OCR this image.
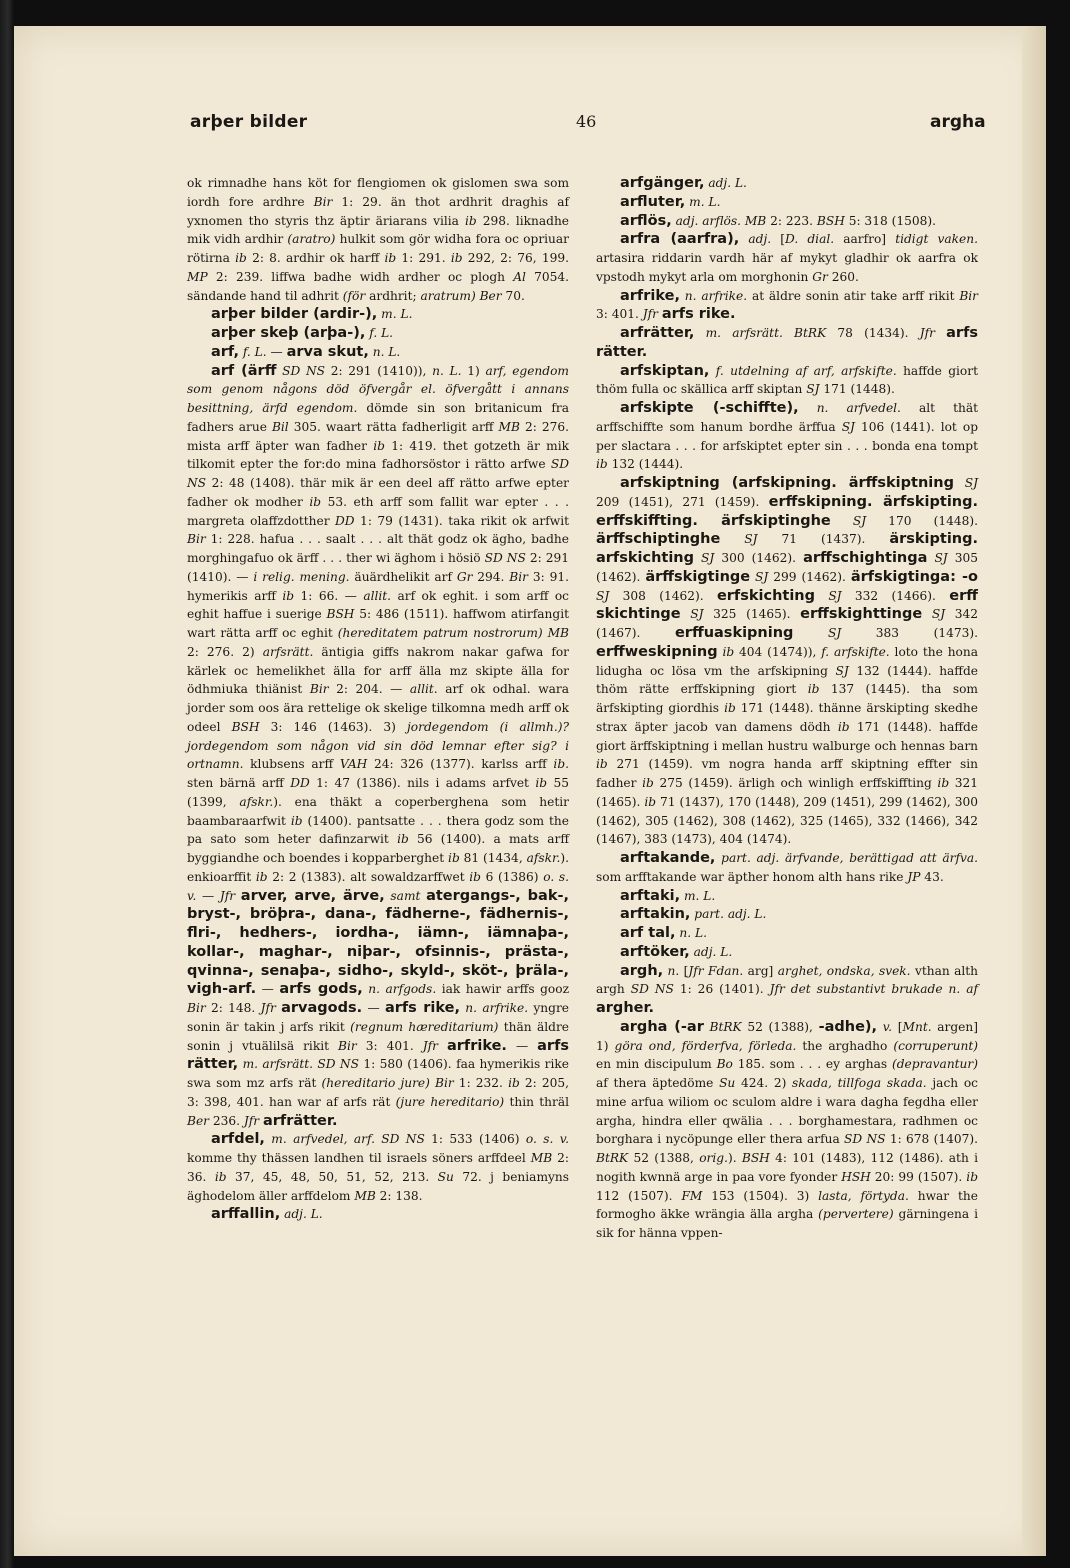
arþer bilder	46	argha

ok rimnadhe hans köt for flengiomen ok gislomen swa som iordh fore ardhre Bir 1: 29. än thot ardhrit draghis af yxnomen tho styris thz äptir äriarans vilia ib 298. liknadhe mik vidh ardhir (aratro) hulkit som gör widha fora oc opriuar rötirna ib 2: 8. ardhir ok harff ib 1: 291. ib 292, 2: 76, 199. MP 2: 239. liffwa badhe widh ardher oc plogh Al 7054. sändande hand til adhrit (för ardhrit; aratrum) Ber 70.

arþer bilder (ardir-), m. L.

arþer skeþ (arþa-), f. L.

arf, f. L. — arva skut, n. L.

arf (ärff SD NS 2: 291 (1410)), n. L. 1) arf, egendom som genom någons död öfvergår el. öfvergått i annans besittning, ärfd egendom. dömde sin son britanicum fra fadhers arue Bil 305. waart rätta fadherligit arff MB 2: 276. mista arff äpter wan fadher ib 1: 419. thet gotzeth är mik tilkomit epter the for:do mina fadhorsöstor i rätto arfwe SD NS 2: 48 (1408). thär mik är een deel aff rätto arfwe epter fadher ok modher ib 53. eth arff som fallit war epter . . . margreta olaffzdotther DD 1: 79 (1431). taka rikit ok arfwit Bir 1: 228. hafua . . . saalt . . . alt thät godz ok ägho, badhe morghingafuo ok ärff . . . ther wi äghom i hösiö SD NS 2: 291 (1410). — i relig. mening. äuärdhelikit arf Gr 294. Bir 3: 91. hymerikis arff ib 1: 66. — allit. arf ok eghit. i som arff oc eghit haffue i suerige BSH 5: 486 (1511). haffwom atirfangit wart rätta arff oc eghit (hereditatem patrum nostrorum) MB 2: 276. 2) arfsrätt. äntigia giffs nakrom nakar gafwa for kärlek oc hemelikhet älla for arff älla mz skipte älla for ödhmiuka thiänist Bir 2: 204. — allit. arf ok odhal. wara jorder som oos ära rettelige ok skelige tilkomna medh arff ok odeel BSH 3: 146 (1463). 3) jordegendom (i allmh.)? jordegendom som någon vid sin död lemnar efter sig? i ortnamn. klubsens arff VAH 24: 326 (1377). karlss arff ib. sten bärnä arff DD 1: 47 (1386). nils i adams arfvet ib 55 (1399, afskr.). ena thäkt a coperberghena som hetir baambaraarfwit ib (1400). pantsatte . . . thera godz som the pa sato som heter dafinzarwit ib 56 (1400). a mats arff byggiandhe och boendes i kopparberghet ib 81 (1434, afskr.). enkioarffit ib 2: 2 (1383). alt sowaldzarffwet ib 6 (1386) o. s. v. — Jfr arver, arve, ärve, samt atergangs-, bak-, bryst-, bröþra-, dana-, fädherne-, fädhernis-, flri-, hedhers-, iordha-, iämn-, iämnaþa-, kollar-, maghar-, niþar-, ofsinnis-, prästa-, qvinna-, senaþa-, sidho-, skyld-, sköt-, þräla-, vigh-arf. — arfs gods, n. arfgods. iak hawir arffs gooz Bir 2: 148. Jfr arvagods. — arfs rike, n. arfrike. yngre sonin är takin j arfs rikit (regnum hæreditarium) thän äldre sonin j vtuälilsä rikit Bir 3: 401. Jfr arfrike. — arfs rätter, m. arfsrätt. SD NS 1: 580 (1406). faa hymerikis rike swa som mz arfs rät (hereditario jure) Bir 1: 232. ib 2: 205, 3: 398, 401. han war af arfs rät (jure hereditario) thin thräl Ber 236. Jfr arfrätter.

arfdel, m. arfvedel, arf. SD NS 1: 533 (1406) o. s. v. komme thy thässen landhen til israels söners arffdeel MB 2: 36. ib 37, 45, 48, 50, 51, 52, 213. Su 72. j beniamyns äghodelom äller arffdelom MB 2: 138.

arffallin, adj. L.

arfgänger, adj. L.

arfluter, m. L.

arflös, adj. arflös. MB 2: 223. BSH 5: 318 (1508).

arfra (aarfra), adj. [D. dial. aarfro] tidigt vaken. artasira riddarin vardh här af mykyt gladhir ok aarfra ok vpstodh mykyt arla om morghonin Gr 260.

arfrike, n. arfrike. at äldre sonin atir take arff rikit Bir 3: 401. Jfr arfs rike.

arfrätter, m. arfsrätt. BtRK 78 (1434). Jfr arfs rätter.

arfskiptan, f. utdelning af arf, arfskifte. haffde giort thöm fulla oc skällica arff skiptan SJ 171 (1448).

arfskipte (-schiffte), n. arfvedel. alt thät arffschiffte som hanum bordhe ärffua SJ 106 (1441). lot op per slactara . . . for arfskiptet epter sin . . . bonda ena tompt ib 132 (1444).

arfskiptning (arfskipning. ärffskiptning SJ 209 (1451), 271 (1459). erffskipning. ärfskipting. erffskiffting. ärfskiptinghe SJ 170 (1448). ärffschiptinghe SJ 71 (1437). ärskipting. arfskichting SJ 300 (1462). arffschightinga SJ 305 (1462). ärffskigtinge SJ 299 (1462). ärfskigtinga: -o SJ 308 (1462). erfskichting SJ 332 (1466). erff skichtinge SJ 325 (1465). erffskighttinge SJ 342 (1467). erffuaskipning SJ 383 (1473). erffweskipning ib 404 (1474)), f. arfskifte. loto the hona lidugha oc lösa vm the arfskipning SJ 132 (1444). haffde thöm rätte erffskipning giort ib 137 (1445). tha som ärfskipting giordhis ib 171 (1448). thänne ärskipting skedhe strax äpter jacob van damens dödh ib 171 (1448). haffde giort ärffskiptning i mellan hustru walburge och hennas barn ib 271 (1459). vm nogra handa arff skiptning effter sin fadher ib 275 (1459). ärligh och winligh erffskiffting ib 321 (1465). ib 71 (1437), 170 (1448), 209 (1451), 299 (1462), 300 (1462), 305 (1462), 308 (1462), 325 (1465), 332 (1466), 342 (1467), 383 (1473), 404 (1474).

arftakande, part. adj. ärfvande, berättigad att ärfva. som arfftakande war äpther honom alth hans rike JP 43.

arftaki, m. L.

arftakin, part. adj. L.

arf tal, n. L.

arftöker, adj. L.

argh, n. [Jfr Fdan. arg] arghet, ondska, svek. vthan alth argh SD NS 1: 26 (1401). Jfr det substantivt brukade n. af argher.

argha (-ar BtRK 52 (1388), -adhe), v. [Mnt. argen] 1) göra ond, förderfva, förleda. the arghadho (corruperunt) en min discipulum Bo 185. som . . . ey arghas (depravantur) af thera äptedöme Su 424. 2) skada, tillfoga skada. jach oc mine arfua wiliom oc sculom aldre i wara dagha fegdha eller argha, hindra eller qwälia . . . borghamestara, radhmen oc borghara i nycöpunge eller thera arfua SD NS 1: 678 (1407). BtRK 52 (1388, orig.). BSH 4: 101 (1483), 112 (1486). ath i nogith kwnnä arge in paa vore fyonder HSH 20: 99 (1507). ib 112 (1507). FM 153 (1504). 3) lasta, förtyda. hwar the formogho äkke wrängia älla argha (pervertere) gärningena i sik for hänna vppen-
